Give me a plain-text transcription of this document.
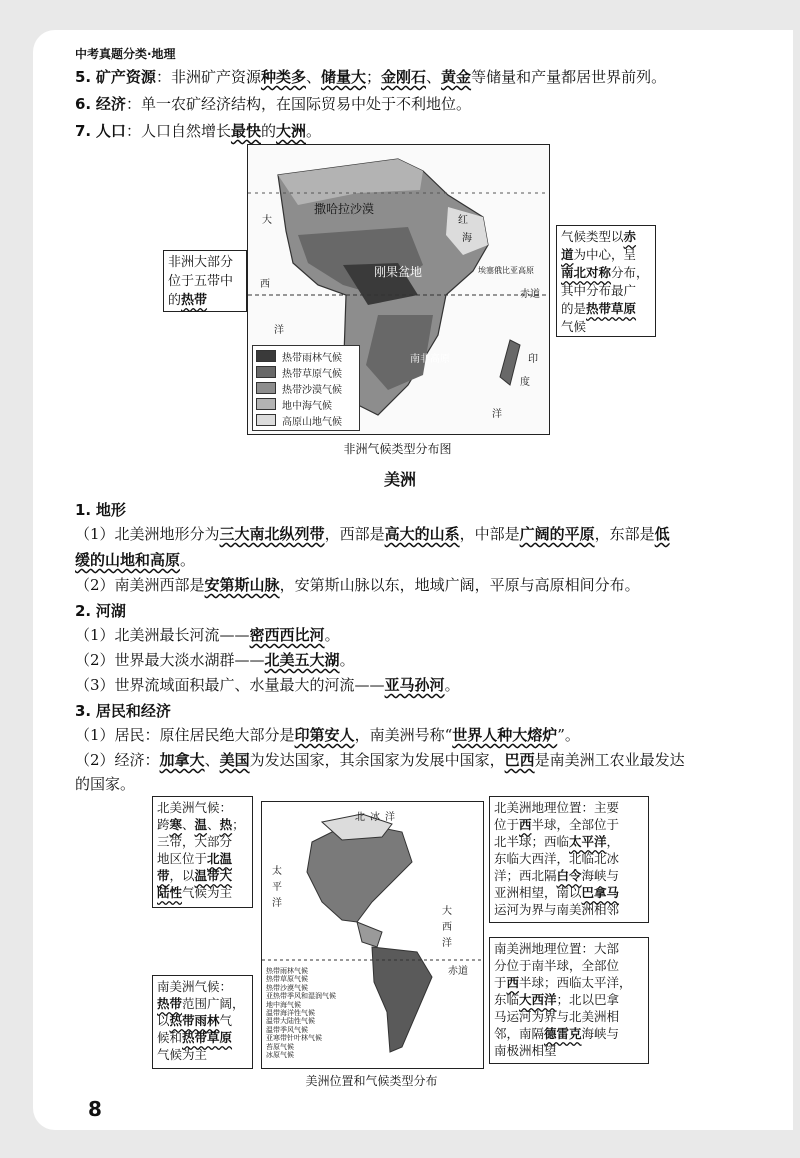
中考真题分类·地理
5. 矿产资源：非洲矿产资源种类多、储量大；金刚石、黄金等储量和产量都居世界前列。
6. 经济：单一农矿经济结构，在国际贸易中处于不利地位。
7. 人口：人口自然增长最快的大洲。
撒哈拉沙漠
刚果盆地	埃塞俄比亚高原
南非高原
赤道
大
西
洋
印
度
洋
红
海
热带雨林气候
热带草原气候
热带沙漠气候
地中海气候
高原山地气候
非洲大部分
位于五带中
的热带
气候类型以赤
道为中心，呈
南北对称分布，
其中分布最广
的是热带草原
气候
非洲气候类型分布图
美洲
1. 地形
（1）北美洲地形分为三大南北纵列带，西部是高大的山系，中部是广阔的平原，东部是低
缓的山地和高原。
（2）南美洲西部是安第斯山脉，安第斯山脉以东，地域广阔，平原与高原相间分布。
2. 河湖
（1）北美洲最长河流——密西西比河。
（2）世界最大淡水湖群——北美五大湖。
（3）世界流域面积最广、水量最大的河流——亚马孙河。
3. 居民和经济
（1）居民：原住居民绝大部分是印第安人，南美洲号称“世界人种大熔炉”。
（2）经济：加拿大、美国为发达国家，其余国家为发展中国家，巴西是南美洲工农业最发达
的国家。
北 冰 洋
太
平
洋
大
西
洋
赤道
热带雨林气候
热带草原气候
热带沙漠气候
亚热带季风和湿润气候
地中海气候
温带海洋性气候
温带大陆性气候
温带季风气候
亚寒带针叶林气候
苔原气候
冰原气候
北美洲气候：
跨寒、温、热；
三带，大部分
地区位于北温
带，以温带大
陆性气候为主
南美洲气候：
热带范围广阔，
以热带雨林气
候和热带草原
气候为主
北美洲地理位置：主要
位于西半球，全部位于
北半球；西临太平洋，
东临大西洋，北临北冰
洋；西北隔白令海峡与
亚洲相望，南以巴拿马
运河为界与南美洲相邻
南美洲地理位置：大部
分位于南半球，全部位
于西半球；西临太平洋，
东临大西洋；北以巴拿
马运河为界与北美洲相
邻，南隔德雷克海峡与
南极洲相望
美洲位置和气候类型分布
8
